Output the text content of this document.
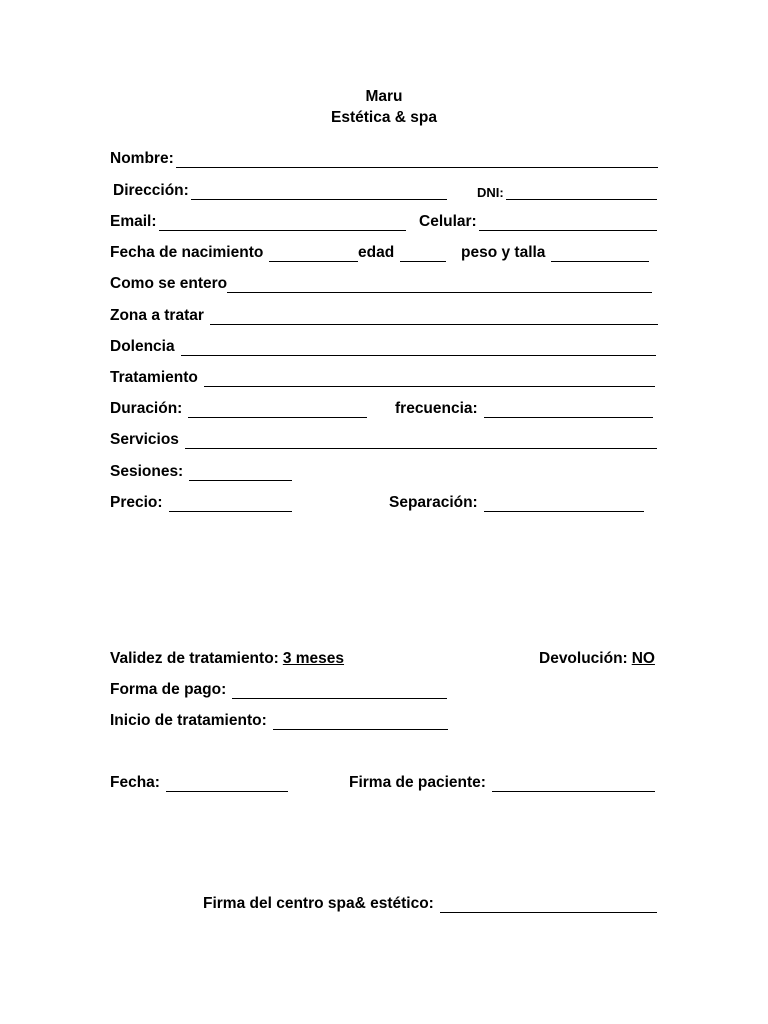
Maru
Estética & spa
Nombre:
Dirección:	DNI:
Email:	Celular:
Fecha de nacimiento	edad	peso y talla
Como se entero
Zona a tratar
Dolencia
Tratamiento
Duración:	frecuencia:
Servicios
Sesiones:
Precio:	Separación:
Validez de tratamiento: 3 meses	Devolución: NO
Forma de pago:
Inicio de tratamiento:
Fecha:	Firma de paciente:
Firma del centro spa& estético:
